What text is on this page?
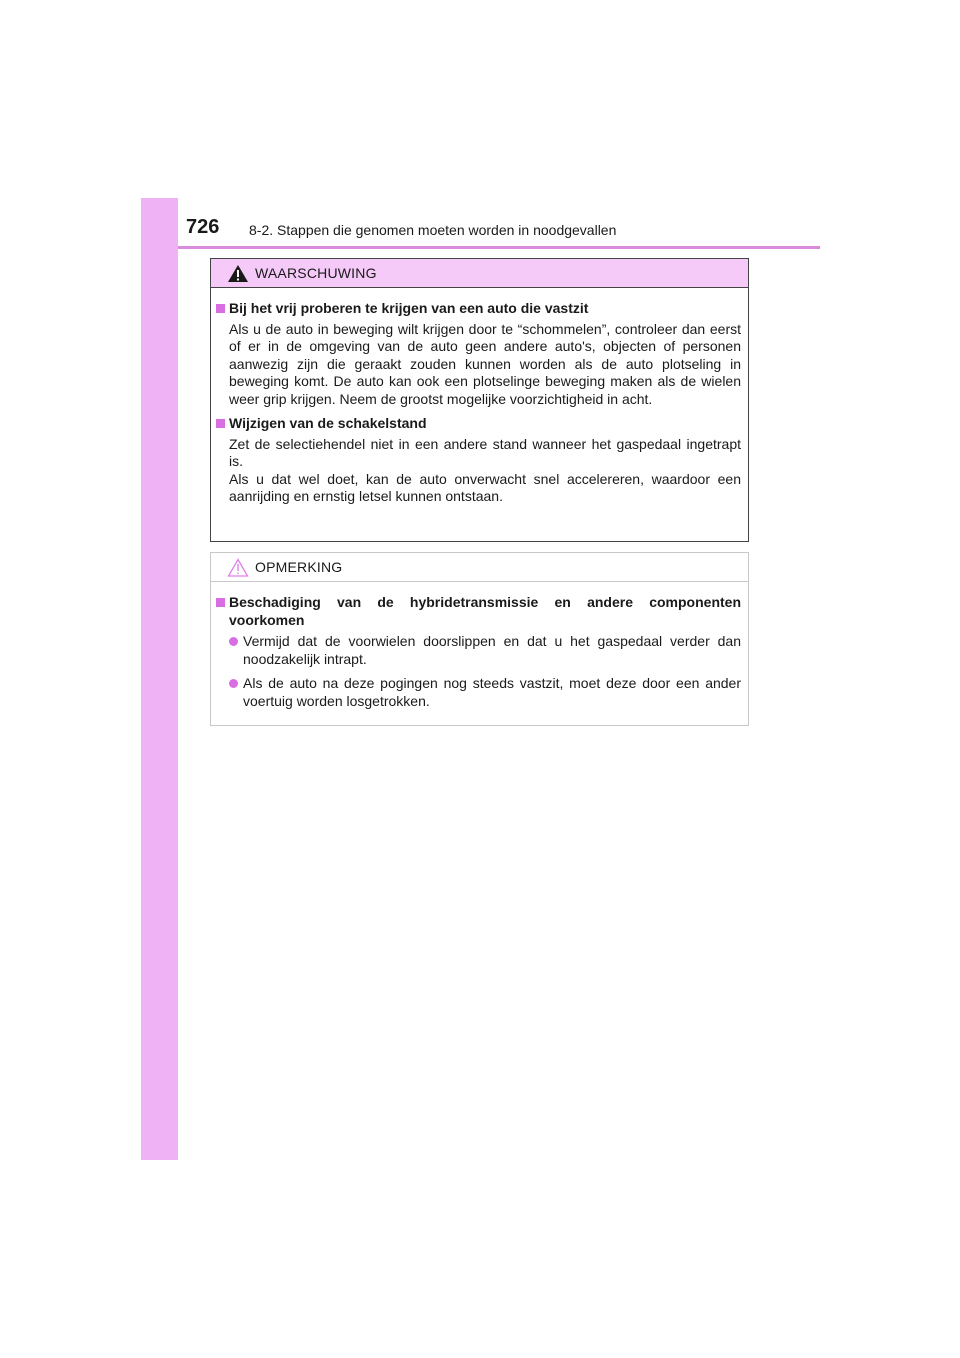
726 8-2. Stappen die genomen moeten worden in noodgevallen
WAARSCHUWING
Bij het vrij proberen te krijgen van een auto die vastzit
Als u de auto in beweging wilt krijgen door te “schommelen”, controleer dan eerst of er in de omgeving van de auto geen andere auto's, objecten of personen aanwezig zijn die geraakt zouden kunnen worden als de auto plotseling in beweging komt. De auto kan ook een plotselinge beweging maken als de wielen weer grip krijgen. Neem de grootst mogelijke voorzichtigheid in acht.
Wijzigen van de schakelstand
Zet de selectiehendel niet in een andere stand wanneer het gaspedaal ingetrapt is.
Als u dat wel doet, kan de auto onverwacht snel accelereren, waardoor een aanrijding en ernstig letsel kunnen ontstaan.
OPMERKING
Beschadiging van de hybridetransmissie en andere componenten voorkomen
Vermijd dat de voorwielen doorslippen en dat u het gaspedaal verder dan noodzakelijk intrapt.
Als de auto na deze pogingen nog steeds vastzit, moet deze door een ander voertuig worden losgetrokken.
